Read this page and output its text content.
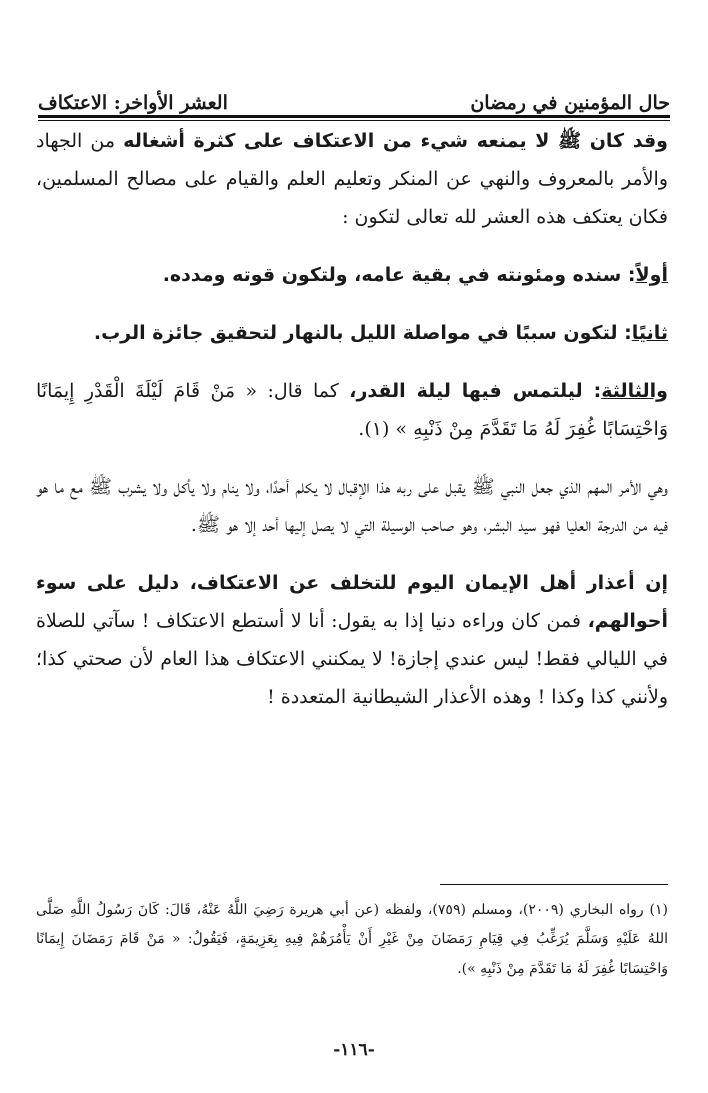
حال المؤمنين في رمضان
العشر الأواخر: الاعتكاف

وقد كان ﷺ لا يمنعه شيء من الاعتكاف على كثرة أشغاله من الجهاد والأمر بالمعروف والنهي عن المنكر وتعليم العلم والقيام على مصالح المسلمين، فكان يعتكف هذه العشر لله تعالى لتكون :

أولاً: سنده ومئونته في بقية عامه، ولتكون قوته ومدده.

ثانيًا: لتكون سببًا في مواصلة الليل بالنهار لتحقيق جائزة الرب.

والثالثة: ليلتمس فيها ليلة القدر، كما قال: « مَنْ قَامَ لَيْلَةَ الْقَدْرِ إِيمَانًا وَاحْتِسَابًا غُفِرَ لَهُ مَا تَقَدَّمَ مِنْ ذَنْبِهِ » (١).

وهي الأمر المهم الذي جعل النبي ﷺ يقبل على ربه هذا الإقبال لا يكلم أحدًا، ولا ينام ولا يأكل ولا يشرب ﷺ مع ما هو فيه من الدرجة العليا فهو سيد البشر، وهو صاحب الوسيلة التي لا يصل إليها أحد إلا هو ﷺ.

إن أعذار أهل الإيمان اليوم للتخلف عن الاعتكاف، دليل على سوء أحوالهم، فمن كان وراءه دنيا إذا به يقول: أنا لا أستطع الاعتكاف ! سآتي للصلاة في الليالي فقط! ليس عندي إجازة! لا يمكنني الاعتكاف هذا العام لأن صحتي كذا؛ ولأنني كذا وكذا ! وهذه الأعذار الشيطانية المتعددة !

(١) رواه البخاري (٢٠٠٩)، ومسلم (٧٥٩)، ولفظه (عن أبي هريرة رَضِيَ اللَّهُ عَنْهُ، قَالَ: كَانَ رَسُولُ اللَّهِ صَلَّى اللهُ عَلَيْهِ وَسَلَّمَ يُرَغِّبُ فِي قِيَامِ رَمَضَانَ مِنْ غَيْرِ أَنْ يَأْمُرَهُمْ فِيهِ بِعَزِيمَةٍ، فَيَقُولُ: « مَنْ قَامَ رَمَضَانَ إِيمَانًا وَاحْتِسَابًا غُفِرَ لَهُ مَا تَقَدَّمَ مِنْ ذَنْبِهِ »).
-١١٦-
